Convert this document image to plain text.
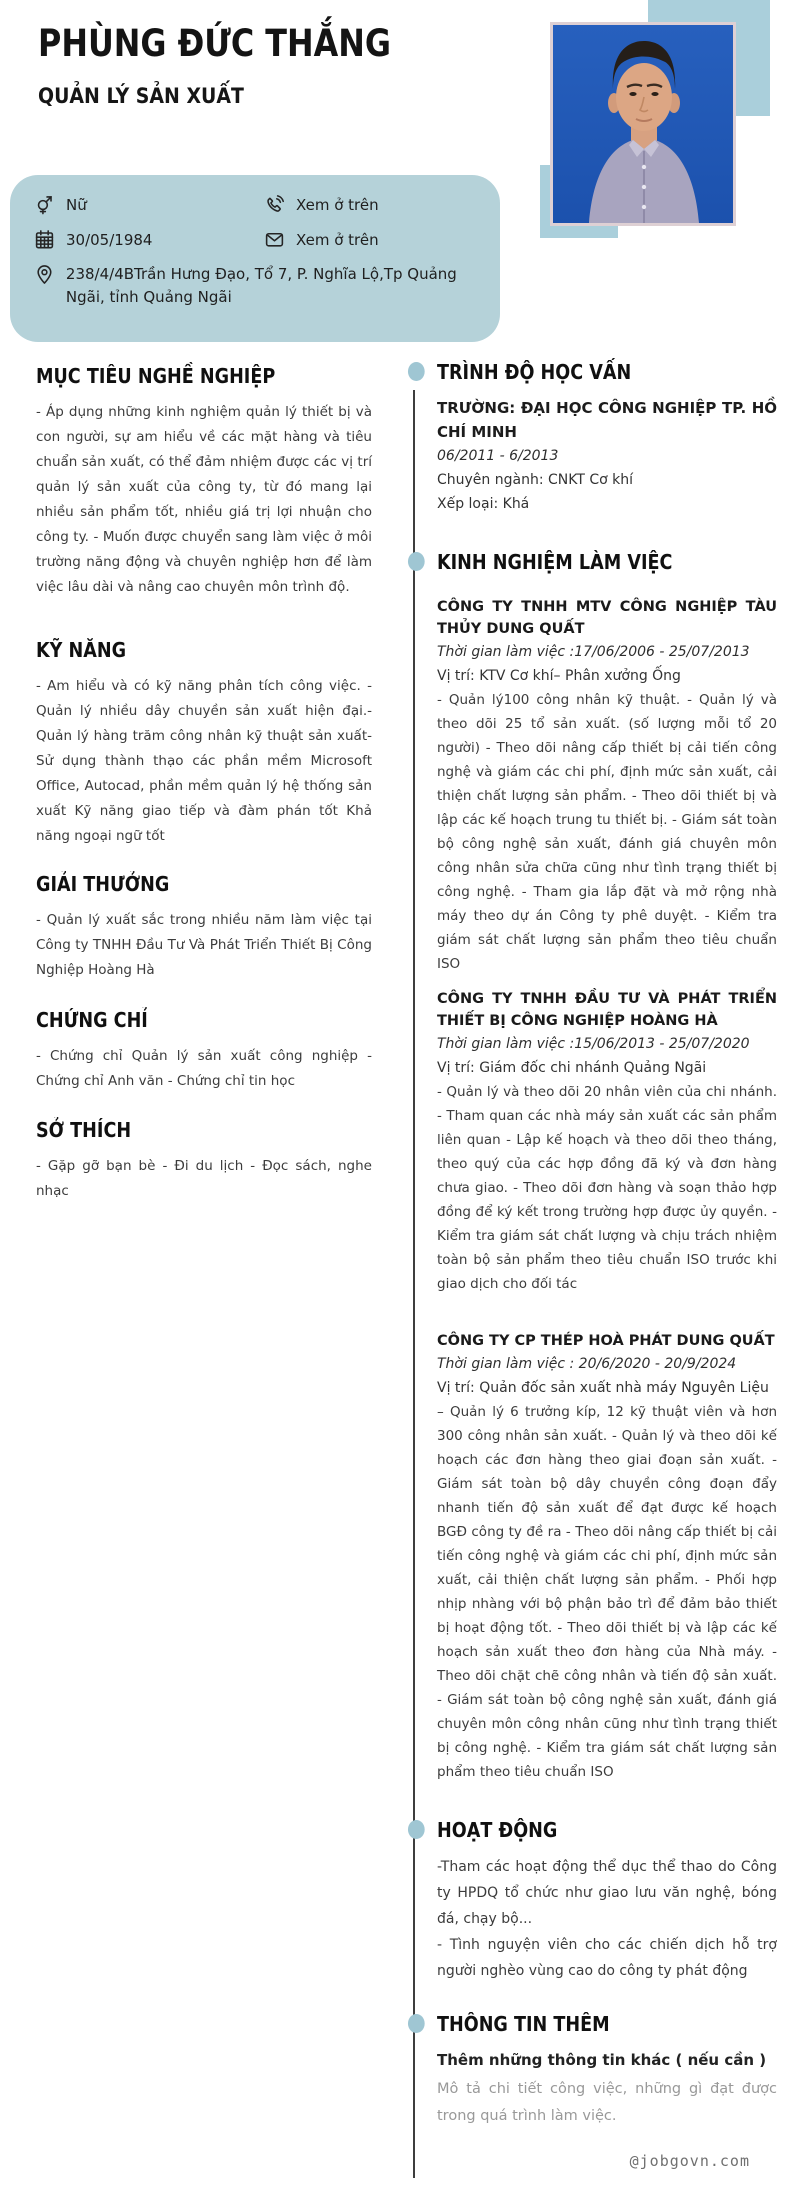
PHÙNG ĐỨC THẮNG
QUẢN LÝ SẢN XUẤT
Nữ	Xem ở trên
30/05/1984	Xem ở trên
238/4/4BTrần Hưng Đạo, Tổ 7, P. Nghĩa Lộ,Tp Quảng Ngãi, tỉnh Quảng Ngãi
MỤC TIÊU NGHỀ NGHIỆP
- Áp dụng những kinh nghiệm quản lý thiết bị và con người, sự am hiểu về các mặt hàng và tiêu chuẩn sản xuất, có thể đảm nhiệm được các vị trí quản lý sản xuất của công ty, từ đó mang lại nhiều sản phẩm tốt, nhiều giá trị lợi nhuận cho công ty. - Muốn được chuyển sang làm việc ở môi trường năng động và chuyên nghiệp hơn để làm việc lâu dài và nâng cao chuyên môn trình độ.
KỸ NĂNG
- Am hiểu và có kỹ năng phân tích công việc. - Quản lý nhiều dây chuyền sản xuất hiện đại.- Quản lý hàng trăm công nhân kỹ thuật sản xuất- Sử dụng thành thạo các phần mềm Microsoft Office, Autocad, phần mềm quản lý hệ thống sản xuất Kỹ năng giao tiếp và đàm phán tốt Khả năng ngoại ngữ tốt
GIẢI THƯỞNG
- Quản lý xuất sắc trong nhiều năm làm việc tại Công ty TNHH Đầu Tư Và Phát Triển Thiết Bị Công Nghiệp Hoàng Hà
CHỨNG CHỈ
- Chứng chỉ Quản lý sản xuất công nghiệp - Chứng chỉ Anh văn - Chứng chỉ tin học
SỞ THÍCH
- Gặp gỡ bạn bè - Đi du lịch - Đọc sách, nghe nhạc
TRÌNH ĐỘ HỌC VẤN
TRƯỜNG: ĐẠI HỌC CÔNG NGHIỆP TP. HỒ CHÍ MINH
06/2011 - 6/2013
Chuyên ngành: CNKT Cơ khí
Xếp loại: Khá
KINH NGHIỆM LÀM VIỆC
CÔNG TY TNHH MTV CÔNG NGHIỆP TÀU THỦY DUNG QUẤT
Thời gian làm việc :17/06/2006 - 25/07/2013
Vị trí: KTV Cơ khí– Phân xưởng Ống
- Quản lý100 công nhân kỹ thuật. - Quản lý và theo dõi 25 tổ sản xuất. (số lượng mỗi tổ 20 người) - Theo dõi nâng cấp thiết bị cải tiến công nghệ và giám các chi phí, định mức sản xuất, cải thiện chất lượng sản phẩm. - Theo dõi thiết bị và lập các kế hoạch trung tu thiết bị. - Giám sát toàn bộ công nghệ sản xuất, đánh giá chuyên môn công nhân sửa chữa cũng như tình trạng thiết bị công nghệ. - Tham gia lắp đặt và mở rộng nhà máy theo dự án Công ty phê duyệt. - Kiểm tra giám sát chất lượng sản phẩm theo tiêu chuẩn ISO
CÔNG TY TNHH ĐẦU TƯ VÀ PHÁT TRIỂN THIẾT BỊ CÔNG NGHIỆP HOÀNG HÀ
Thời gian làm việc :15/06/2013 - 25/07/2020
Vị trí: Giám đốc chi nhánh Quảng Ngãi
- Quản lý và theo dõi 20 nhân viên của chi nhánh. - Tham quan các nhà máy sản xuất các sản phẩm liên quan - Lập kế hoạch và theo dõi theo tháng, theo quý của các hợp đồng đã ký và đơn hàng chưa giao. - Theo dõi đơn hàng và soạn thảo hợp đồng để ký kết trong trường hợp được ủy quyền. - Kiểm tra giám sát chất lượng và chịu trách nhiệm toàn bộ sản phẩm theo tiêu chuẩn ISO trước khi giao dịch cho đối tác
CÔNG TY CP THÉP HOÀ PHÁT DUNG QUẤT
Thời gian làm việc : 20/6/2020 - 20/9/2024
Vị trí: Quản đốc sản xuất nhà máy Nguyên Liệu
– Quản lý 6 trưởng kíp, 12 kỹ thuật viên và hơn 300 công nhân sản xuất. - Quản lý và theo dõi kế hoạch các đơn hàng theo giai đoạn sản xuất. - Giám sát toàn bộ dây chuyền công đoạn đẩy nhanh tiến độ sản xuất để đạt được kế hoạch BGĐ công ty đề ra - Theo dõi nâng cấp thiết bị cải tiến công nghệ và giám các chi phí, định mức sản xuất, cải thiện chất lượng sản phẩm. - Phối hợp nhịp nhàng với bộ phận bảo trì để đảm bảo thiết bị hoạt động tốt. - Theo dõi thiết bị và lập các kế hoạch sản xuất theo đơn hàng của Nhà máy. - Theo dõi chặt chẽ công nhân và tiến độ sản xuất. - Giám sát toàn bộ công nghệ sản xuất, đánh giá chuyên môn công nhân cũng như tình trạng thiết bị công nghệ. - Kiểm tra giám sát chất lượng sản phẩm theo tiêu chuẩn ISO
HOẠT ĐỘNG
-Tham các hoạt động thể dục thể thao do Công ty HPDQ tổ chức như giao lưu văn nghệ, bóng đá, chạy bộ...
- Tình nguyện viên cho các chiến dịch hỗ trợ người nghèo vùng cao do công ty phát động
THÔNG TIN THÊM
Thêm những thông tin khác ( nếu cần )
Mô tả chi tiết công việc, những gì đạt được trong quá trình làm việc.
@jobgovn.com
